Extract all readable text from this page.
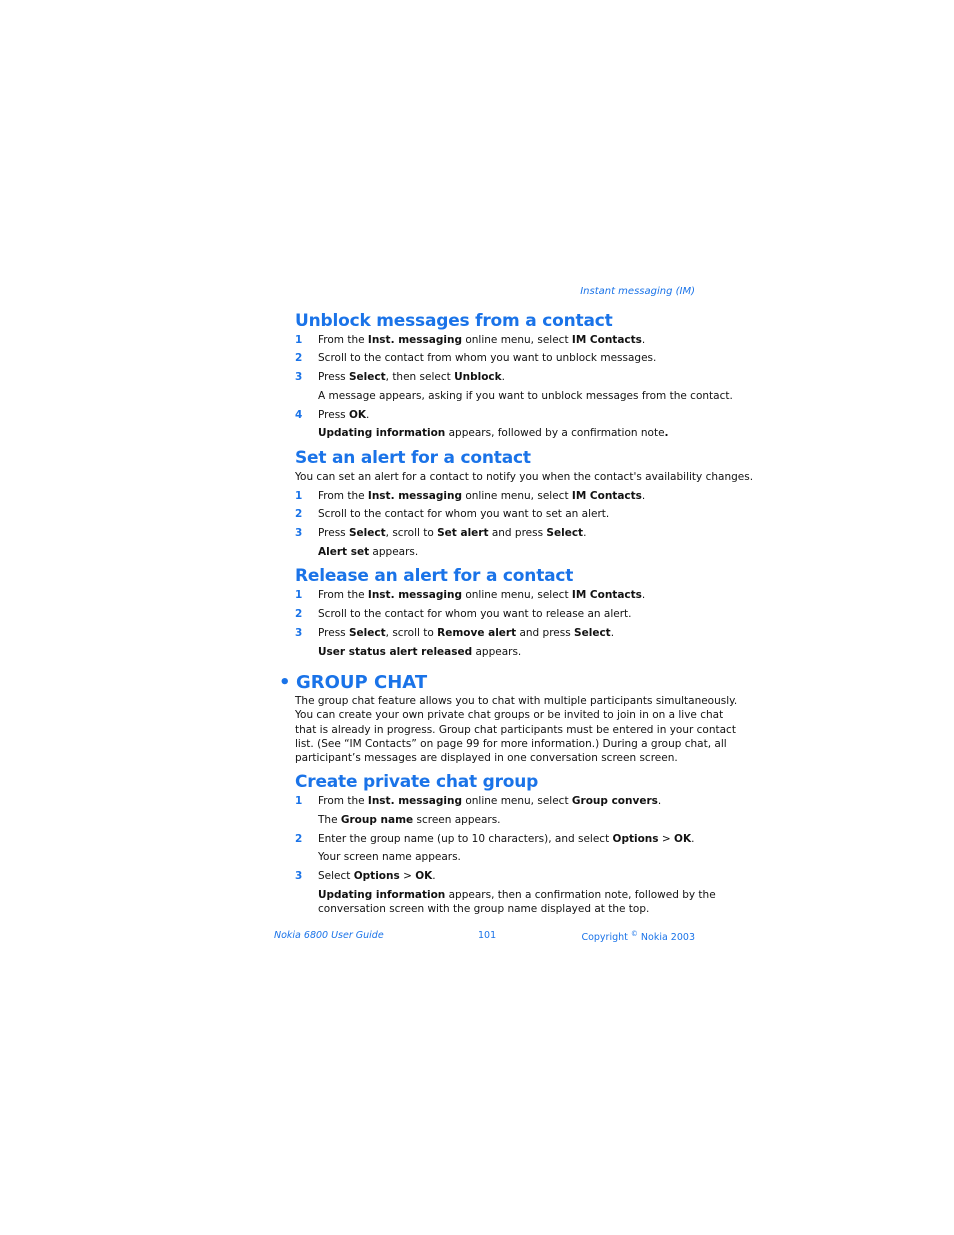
Instant messaging (IM)
Unblock messages from a contact
1 From the Inst. messaging online menu, select IM Contacts.
2 Scroll to the contact from whom you want to unblock messages.
3 Press Select, then select Unblock.
A message appears, asking if you want to unblock messages from the contact.
4 Press OK.
Updating information appears, followed by a confirmation note.
Set an alert for a contact
You can set an alert for a contact to notify you when the contact's availability changes.
1 From the Inst. messaging online menu, select IM Contacts.
2 Scroll to the contact for whom you want to set an alert.
3 Press Select, scroll to Set alert and press Select.
Alert set appears.
Release an alert for a contact
1 From the Inst. messaging online menu, select IM Contacts.
2 Scroll to the contact for whom you want to release an alert.
3 Press Select, scroll to Remove alert and press Select.
User status alert released appears.
• GROUP CHAT
The group chat feature allows you to chat with multiple participants simultaneously.
You can create your own private chat groups or be invited to join in on a live chat
that is already in progress. Group chat participants must be entered in your contact
list. (See “IM Contacts” on page 99 for more information.) During a group chat, all
participant’s messages are displayed in one conversation screen screen.
Create private chat group
1 From the Inst. messaging online menu, select Group convers.
The Group name screen appears.
2 Enter the group name (up to 10 characters), and select Options > OK.
Your screen name appears.
3 Select Options > OK.
Updating information appears, then a confirmation note, followed by the
conversation screen with the group name displayed at the top.
Nokia 6800 User Guide	101	Copyright © Nokia 2003
